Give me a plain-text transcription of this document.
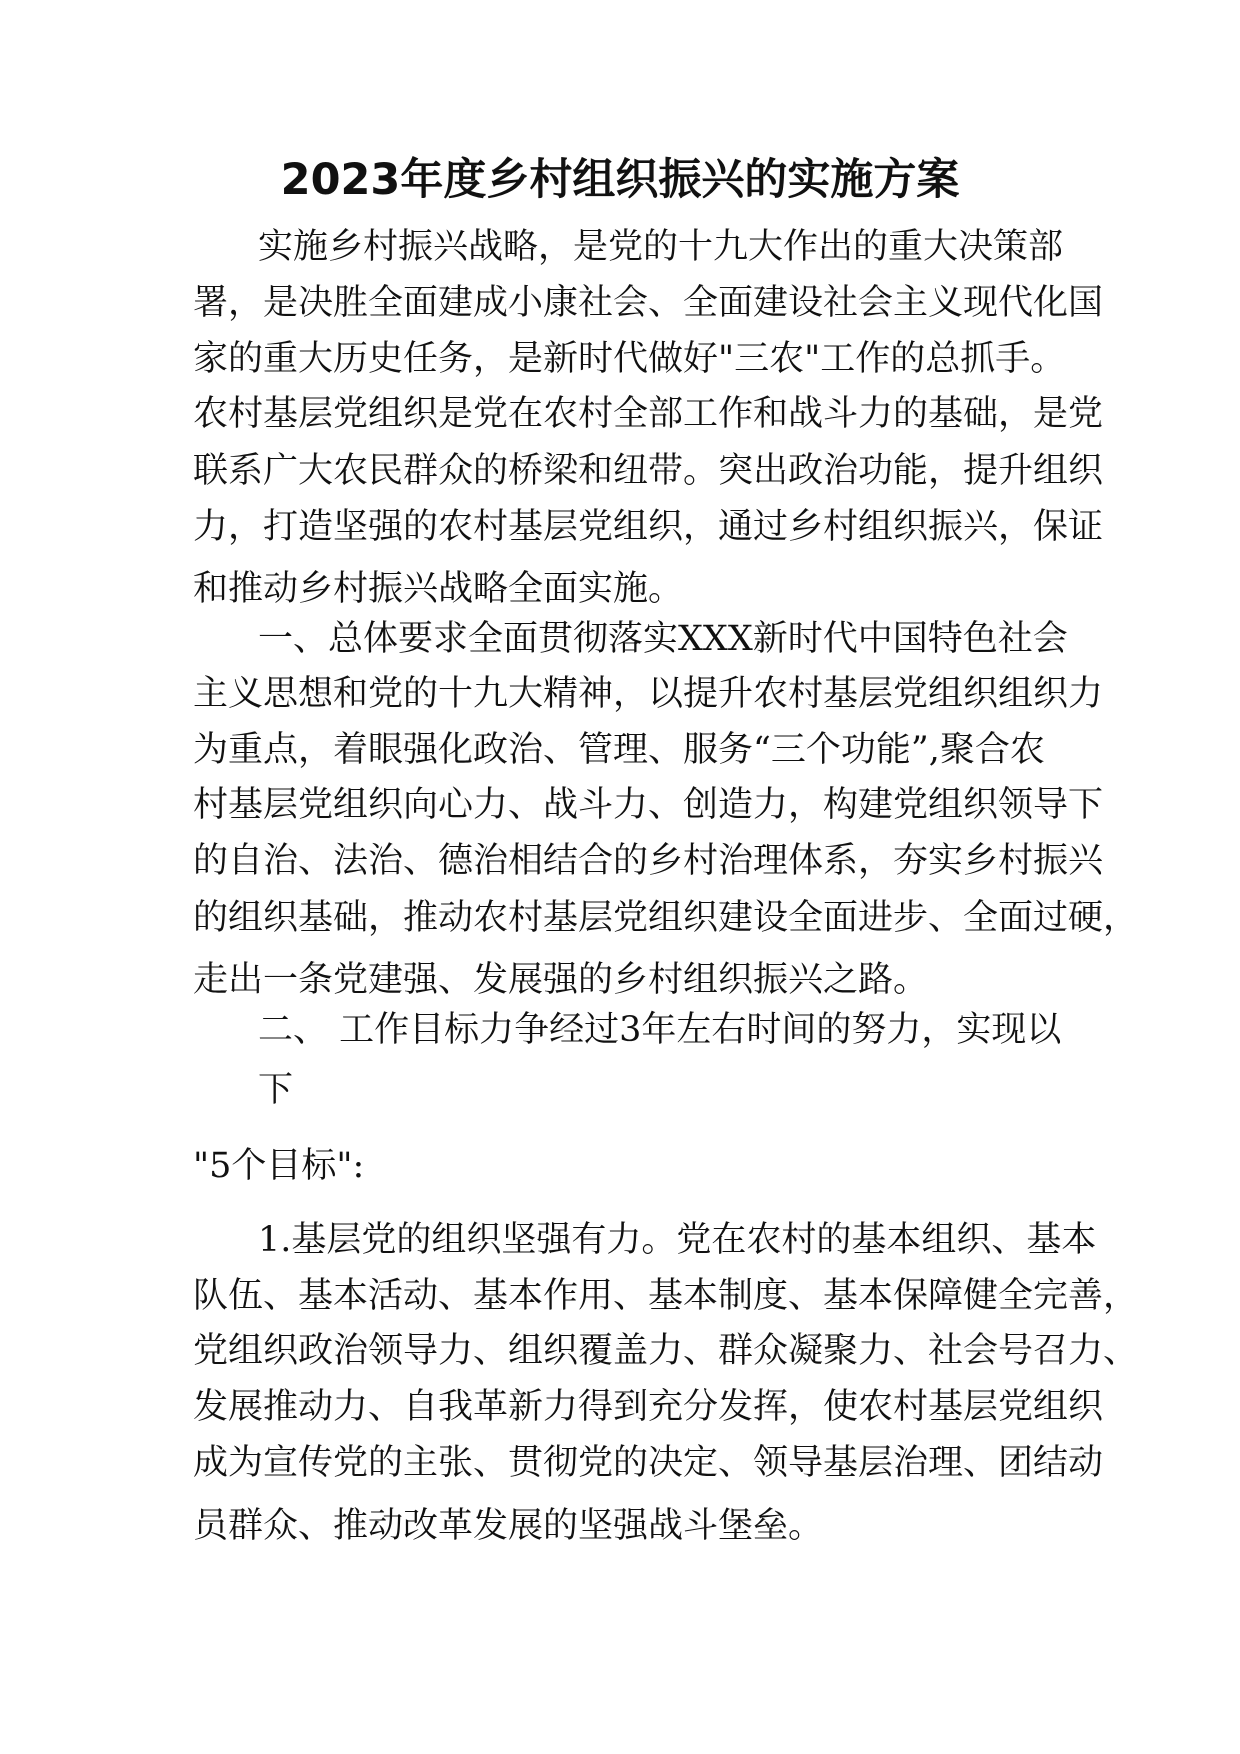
2023年度乡村组织振兴的实施方案

实施乡村振兴战略，是党的十九大作出的重大决策部

署，是决胜全面建成小康社会、全面建设社会主义现代化国

家的重大历史任务，是新时代做好"三农"工作的总抓手。

农村基层党组织是党在农村全部工作和战斗力的基础，是党

联系广大农民群众的桥梁和纽带。突出政治功能，提升组织

力，打造坚强的农村基层党组织，通过乡村组织振兴，保证

和推动乡村振兴战略全面实施。

一、总体要求全面贯彻落实XXX新时代中国特色社会

主义思想和党的十九大精神，以提升农村基层党组织组织力

为重点，着眼强化政治、管理、服务“三个功能”,聚合农

村基层党组织向心力、战斗力、创造力，构建党组织领导下

的自治、法治、德治相结合的乡村治理体系，夯实乡村振兴

的组织基础，推动农村基层党组织建设全面进步、全面过硬，

走出一条党建强、发展强的乡村组织振兴之路。

二、 工作目标力争经过3年左右时间的努力，实现以

下

"5个目标":

1.基层党的组织坚强有力。党在农村的基本组织、基本

队伍、基本活动、基本作用、基本制度、基本保障健全完善，

党组织政治领导力、组织覆盖力、群众凝聚力、社会号召力、

发展推动力、自我革新力得到充分发挥，使农村基层党组织

成为宣传党的主张、贯彻党的决定、领导基层治理、团结动

员群众、推动改革发展的坚强战斗堡垒。
